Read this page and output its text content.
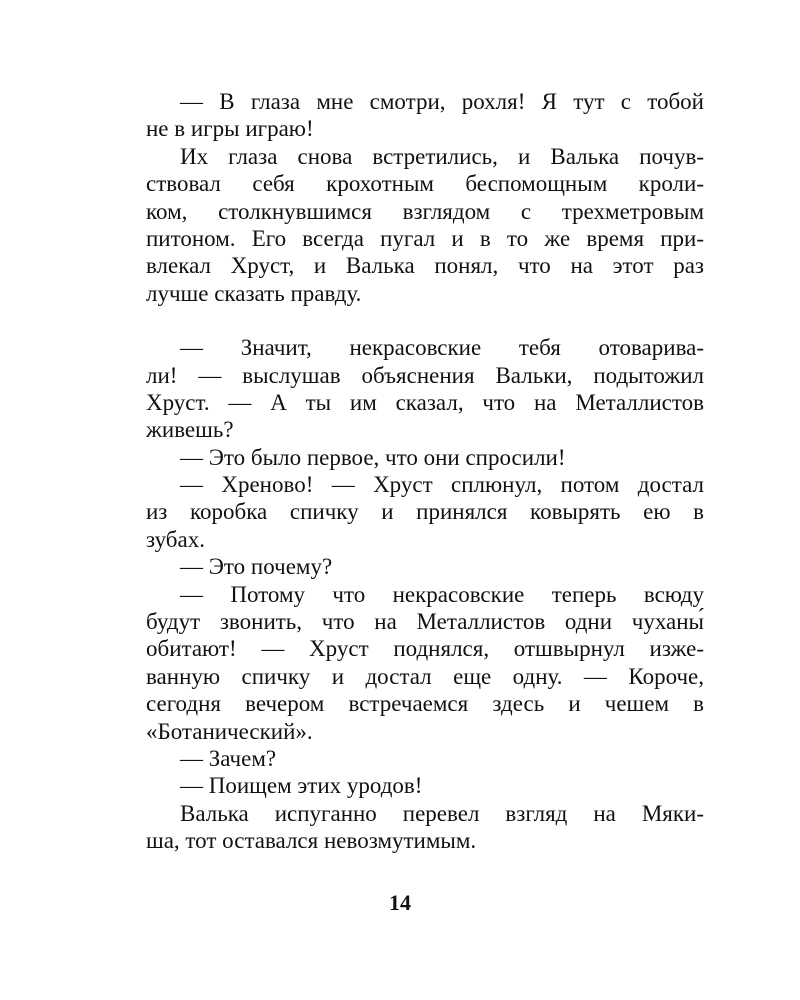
— В глаза мне смотри, рохля! Я тут с тобой
не в игры играю!
Их глаза снова встретились, и Валька почув-
ствовал себя крохотным беспомощным кроли-
ком, столкнувшимся взглядом с трехметровым
питоном. Его всегда пугал и в то же время при-
влекал Хруст, и Валька понял, что на этот раз
лучше сказать правду.
— Значит, некрасовские тебя отоварива-
ли! — выслушав объяснения Вальки, подытожил
Хруст. — А ты им сказал, что на Металлистов
живешь?
— Это было первое, что они спросили!
— Хреново! — Хруст сплюнул, потом достал
из коробка спичку и принялся ковырять ею в
зубах.
— Это почему?
— Потому что некрасовские теперь всюду
будут звонить, что на Металлистов одни чуханы́
обитают! — Хруст поднялся, отшвырнул изже-
ванную спичку и достал еще одну. — Короче,
сегодня вечером встречаемся здесь и чешем в
«Ботанический».
— Зачем?
— Поищем этих уродов!
Валька испуганно перевел взгляд на Мяки-
ша, тот оставался невозмутимым.
14
